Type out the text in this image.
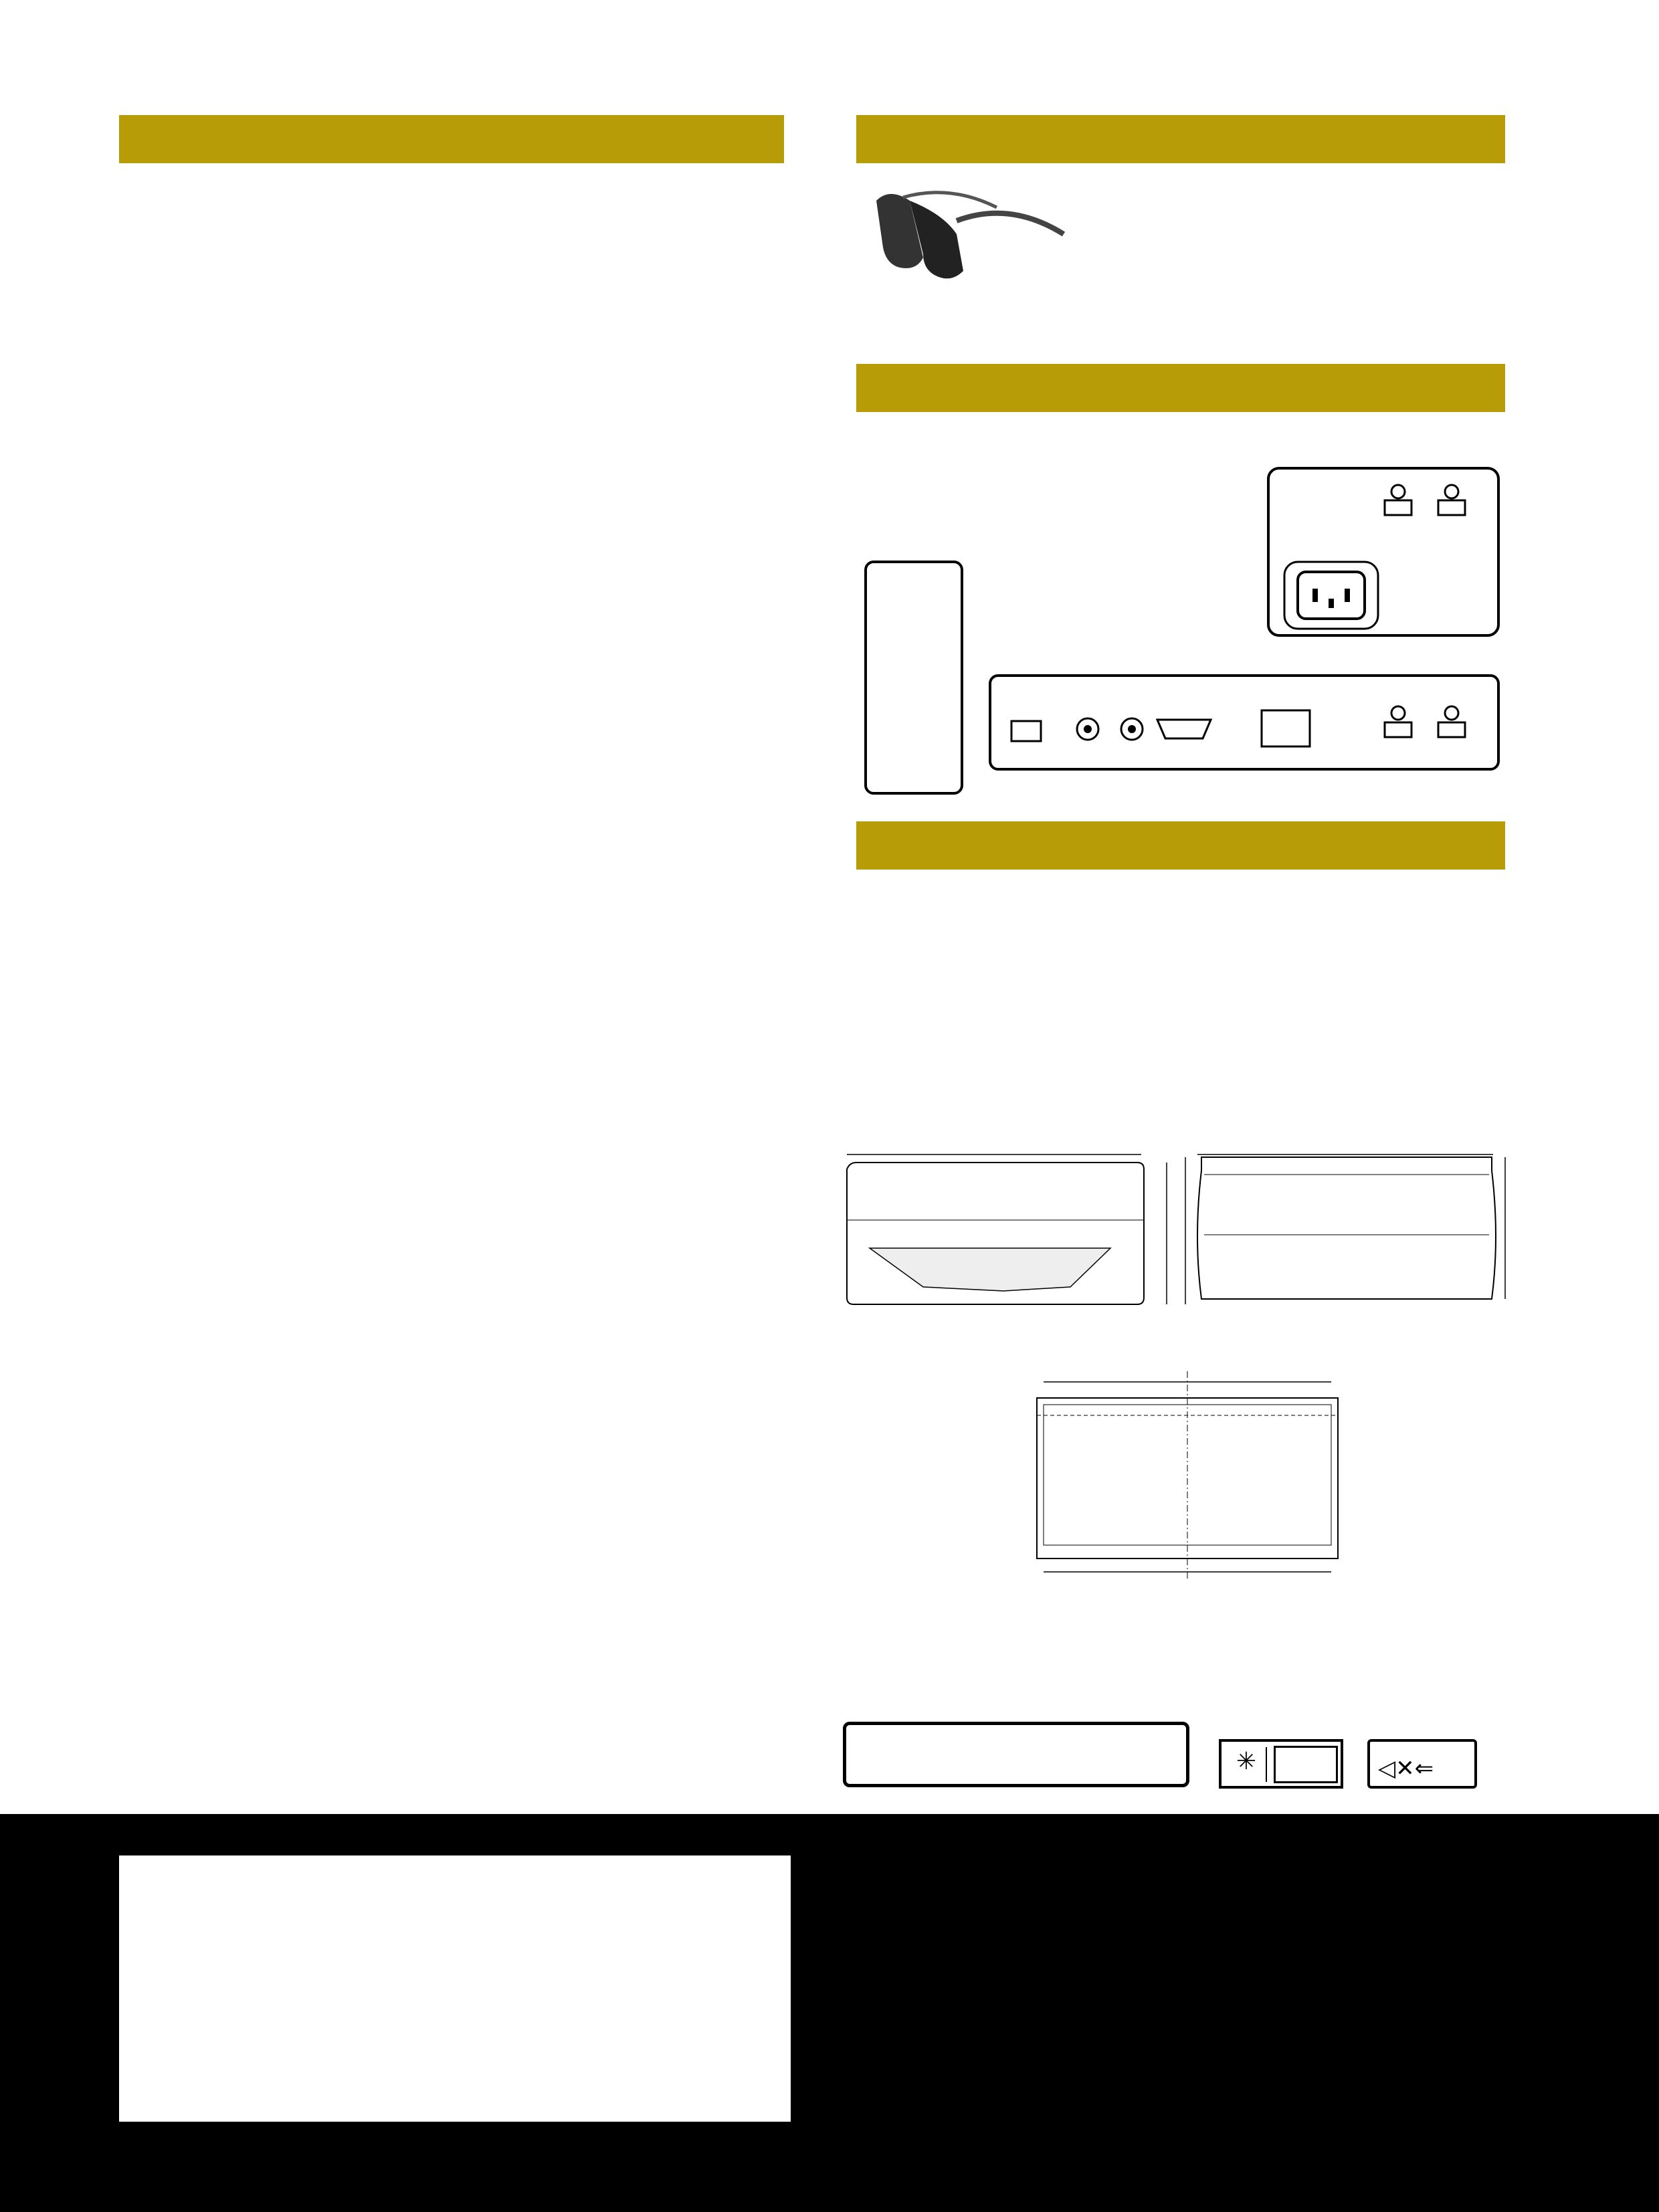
✳	◁✕⇐
